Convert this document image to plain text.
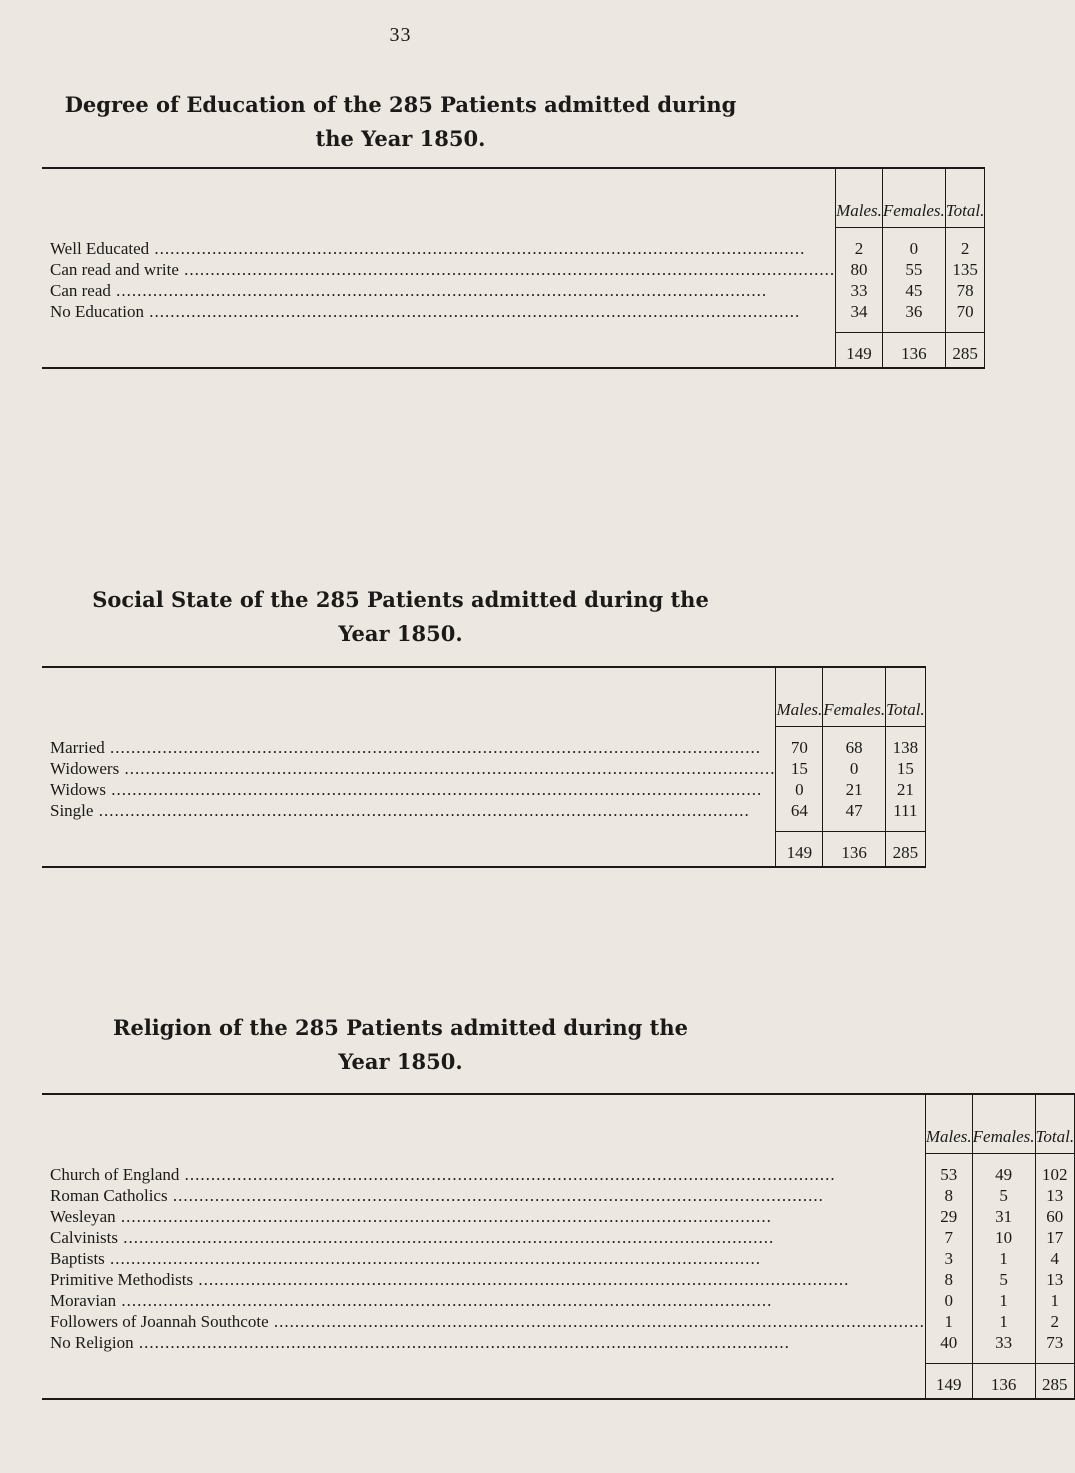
33

Degree of Education of the 285 Patients admitted during

the Year 1850.

	Males.	Females.	Total.

Well Educated .....	2	0	2

Can read and write .....	80	55	135

Can read .....	33	45	78

No Education .....	34	36	70

	149	136	285

Social State of the 285 Patients admitted during the

Year 1850.

	Males.	Females.	Total.

Married .....	70	68	138

Widowers .....	15	0	15

Widows .....	0	21	21

Single .....	64	47	111

	149	136	285

Religion of the 285 Patients admitted during the

Year 1850.

	Males.	Females.	Total.

Church of England .....	53	49	102

Roman Catholics .....	8	5	13

Wesleyan .....	29	31	60

Calvinists .....	7	10	17

Baptists .....	3	1	4

Primitive Methodists .....	8	5	13

Moravian .....	0	1	1

Followers of Joannah Southcote .....	1	1	2

No Religion .....	40	33	73

	149	136	285
